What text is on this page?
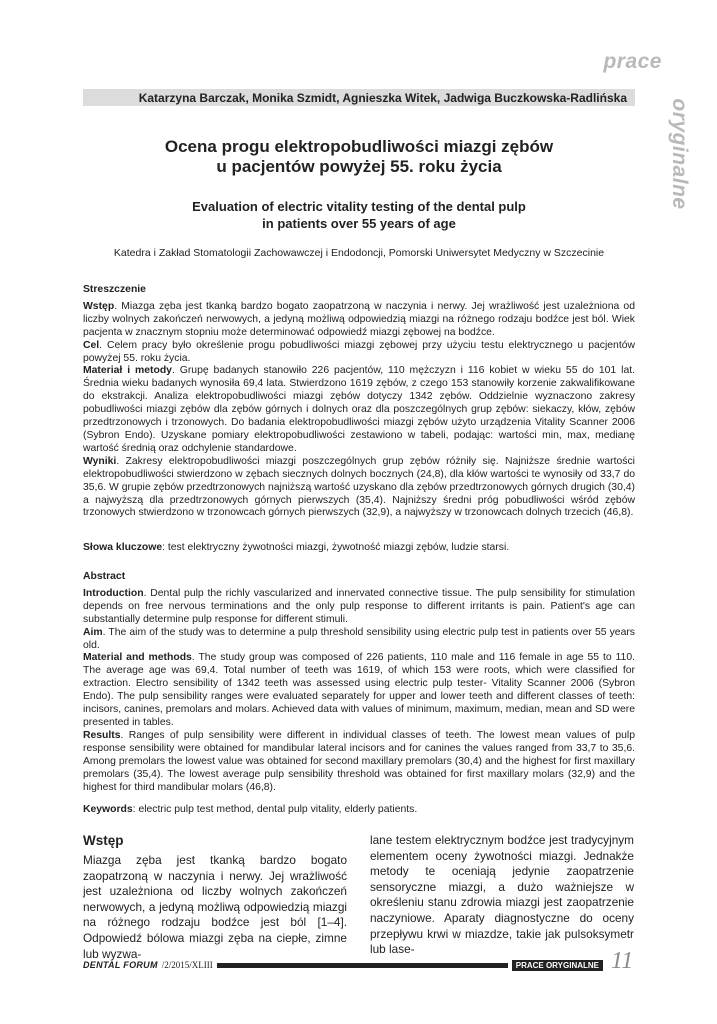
prace
oryginalne
Katarzyna Barczak, Monika Szmidt, Agnieszka Witek, Jadwiga Buczkowska-Radlińska
Ocena progu elektropobudliwości miazgi zębów
u pacjentów powyżej 55. roku życia
Evaluation of electric vitality testing of the dental pulp
in patients over 55 years of age
Katedra i Zakład Stomatologii Zachowawczej i Endodoncji, Pomorski Uniwersytet Medyczny w Szczecinie

Streszczenie

Wstęp. Miazga zęba jest tkanką bardzo bogato zaopatrzoną w naczynia i nerwy. Jej wrażliwość jest uzależniona od liczby wolnych zakończeń nerwowych, a jedyną możliwą odpowiedzią miazgi na różnego rodzaju bodźce jest ból. Wiek pacjenta w znacznym stopniu może determinować odpowiedź miazgi zębowej na bodźce.

Cel. Celem pracy było określenie progu pobudliwości miazgi zębowej przy użyciu testu elektrycznego u pacjentów powyżej 55. roku życia.

Materiał i metody. Grupę badanych stanowiło 226 pacjentów, 110 mężczyzn i 116 kobiet w wieku 55 do 101 lat. Średnia wieku badanych wynosiła 69,4 lata. Stwierdzono 1619 zębów, z czego 153 stanowiły korzenie zakwalifikowane do ekstrakcji. Analiza elektropobudliwości miazgi zębów dotyczy 1342 zębów. Oddzielnie wyznaczono zakresy pobudliwości miazgi zębów dla zębów górnych i dolnych oraz dla poszczególnych grup zębów: siekaczy, kłów, zębów przedtrzonowych i trzonowych. Do badania elektropobudliwości miazgi zębów użyto urządzenia Vitality Scanner 2006 (Sybron Endo). Uzyskane pomiary elektropobudliwości zestawiono w tabeli, podając: wartości min, max, medianę wartość średnią oraz odchylenie standardowe.

Wyniki. Zakresy elektropobudliwości miazgi poszczególnych grup zębów różniły się. Najniższe średnie wartości elektropobudliwości stwierdzono w zębach siecznych dolnych bocznych (24,8), dla kłów wartości te wynosiły od 33,7 do 35,6. W grupie zębów przedtrzonowych najniższą wartość uzyskano dla zębów przedtrzonowych górnych drugich (30,4) a najwyższą dla przedtrzonowych górnych pierwszych (35,4). Najniższy średni próg pobudliwości wśród zębów trzonowych stwierdzono w trzonowcach górnych pierwszych (32,9), a najwyższy w trzonowcach dolnych trzecich (46,8).

Słowa kluczowe: test elektryczny żywotności miazgi, żywotność miazgi zębów, ludzie starsi.

Abstract

Introduction. Dental pulp the richly vascularized and innervated connective tissue. The pulp sensibility for stimulation depends on free nervous terminations and the only pulp response to different irritants is pain. Patient's age can substantially determine pulp response for different stimuli.

Aim. The aim of the study was to determine a pulp threshold sensibility using electric pulp test in patients over 55 years old.

Material and methods. The study group was composed of 226 patients, 110 male and 116 female in age 55 to 110. The average age was 69,4. Total number of teeth was 1619, of which 153 were roots, which were classified for extraction. Electro sensibility of 1342 teeth was assessed using electric pulp tester- Vitality Scanner 2006 (Sybron Endo). The pulp sensibility ranges were evaluated separately for upper and lower teeth and different classes of teeth: incisors, canines, premolars and molars. Achieved data with values of minimum, maximum, median, mean and SD were presented in tables.

Results. Ranges of pulp sensibility were different in individual classes of teeth. The lowest mean values of pulp response sensibility were obtained for mandibular lateral incisors and for canines the values ranged from 33,7 to 35,6. Among premolars the lowest value was obtained for second maxillary premolars (30,4) and the highest for first maxillary premolars (35,4). The lowest average pulp sensibility threshold was obtained for first maxillary molars (32,9) and the highest for third mandibular molars (46,8).

Keywords: electric pulp test method, dental pulp vitality, elderly patients.
Wstęp

Miazga zęba jest tkanką bardzo bogato zaopatrzoną w naczynia i nerwy. Jej wrażliwość jest uzależniona od liczby wolnych zakończeń nerwowych, a jedyną możliwą odpowiedzią miazgi na różnego rodzaju bodźce jest ból [1–4]. Odpowiedź bólowa miazgi zęba na ciepłe, zimne lub wyzwa-

lane testem elektrycznym bodźce jest tradycyjnym elementem oceny żywotności miazgi. Jednakże metody te oceniają jedynie zaopatrzenie sensoryczne miazgi, a dużo ważniejsze w określeniu stanu zdrowia miazgi jest zaopatrzenie naczyniowe. Aparaty diagnostyczne do oceny przepływu krwi w miazdze, takie jak pulsoksymetr lub lase-

DENTAL FORUM /2/2015/XLIII	PRACE ORYGINALNE 11
